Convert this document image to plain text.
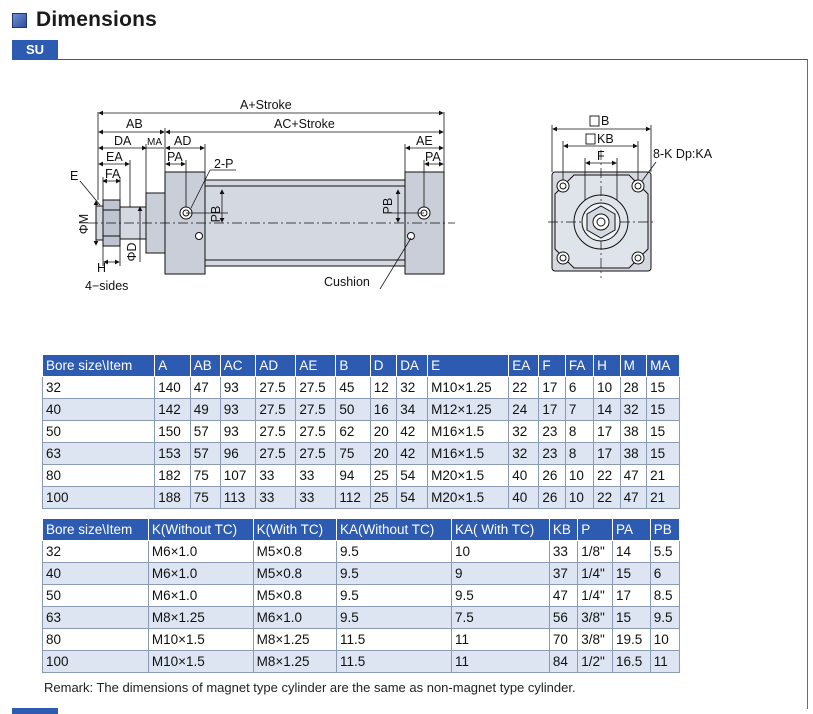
Dimensions
SU
A+Stroke
AC+Stroke
AB
DA MA AD
EA
FA
E
PA	2-P
AE
PA
PB	PB
ΦM
ΦD
H
4−sides	Cushion
B
KB
F	8-K Dp:KA
Bore size\Item	A	AB	AC	AD	AE	B	D	DA	E	EA	F	FA	H	M	MA
32	140	47	93	27.5	27.5	45	12	32	M10×1.25	22	17	6	10	28	15
40	142	49	93	27.5	27.5	50	16	34	M12×1.25	24	17	7	14	32	15
50	150	57	93	27.5	27.5	62	20	42	M16×1.5	32	23	8	17	38	15
63	153	57	96	27.5	27.5	75	20	42	M16×1.5	32	23	8	17	38	15
80	182	75	107	33	33	94	25	54	M20×1.5	40	26	10	22	47	21
100	188	75	113	33	33	112	25	54	M20×1.5	40	26	10	22	47	21
Bore size\Item	K(Without TC)	K(With TC)	KA(Without TC)	KA( With TC)	KB	P	PA	PB
32	M6×1.0	M5×0.8	9.5	10	33	1/8"	14	5.5
40	M6×1.0	M5×0.8	9.5	9	37	1/4"	15	6
50	M6×1.0	M5×0.8	9.5	9.5	47	1/4"	17	8.5
63	M8×1.25	M6×1.0	9.5	7.5	56	3/8"	15	9.5
80	M10×1.5	M8×1.25	11.5	11	70	3/8"	19.5	10
100	M10×1.5	M8×1.25	11.5	11	84	1/2"	16.5	11
Remark: The dimensions of magnet type cylinder are the same as non-magnet type cylinder.
